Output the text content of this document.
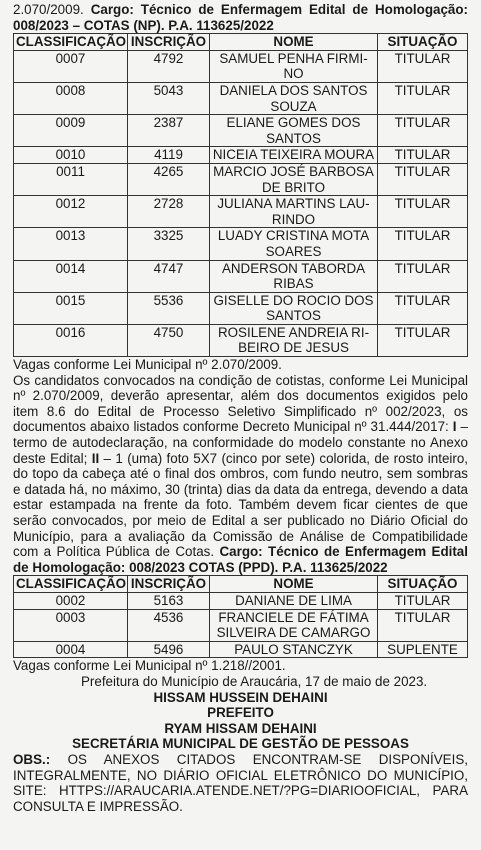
2.070/2009. Cargo: Técnico de Enfermagem Edital de Homologação: 008/2023 – COTAS (NP). P.A. 113625/2022

CLASSIFICAÇÃO	INSCRIÇÃO	NOME	SITUAÇÃO
0007	4792	SAMUEL PENHA FIRMI-NO	TITULAR
0008	5043	DANIELA DOS SANTOS SOUZA	TITULAR
0009	2387	ELIANE GOMES DOS SANTOS	TITULAR
0010	4119	NICEIA TEIXEIRA MOURA	TITULAR
0011	4265	MARCIO JOSÉ BARBOSA DE BRITO	TITULAR
0012	2728	JULIANA MARTINS LAU-RINDO	TITULAR
0013	3325	LUADY CRISTINA MOTA SOARES	TITULAR
0014	4747	ANDERSON TABORDA RIBAS	TITULAR
0015	5536	GISELLE DO ROCIO DOS SANTOS	TITULAR
0016	4750	ROSILENE ANDREIA RI-BEIRO DE JESUS	TITULAR

Vagas conforme Lei Municipal nº 2.070/2009.

Os candidatos convocados na condição de cotistas, conforme Lei Municipal nº 2.070/2009, deverão apresentar, além dos documentos exigidos pelo item 8.6 do Edital de Processo Seletivo Simplificado nº 002/2023, os documentos abaixo listados conforme Decreto Municipal nº 31.444/2017: I – termo de autodeclaração, na conformidade do modelo constante no Anexo deste Edital; II – 1 (uma) foto 5X7 (cinco por sete) colorida, de rosto inteiro, do topo da cabeça até o final dos ombros, com fundo neutro, sem sombras e datada há, no máximo, 30 (trinta) dias da data da entrega, devendo a data estar estampada na frente da foto. Também devem ficar cientes de que serão convocados, por meio de Edital a ser publicado no Diário Oficial do Município, para a avaliação da Comissão de Análise de Compatibilidade com a Política Pública de Cotas. Cargo: Técnico de Enfermagem Edital de Homologação: 008/2023 COTAS (PPD). P.A. 113625/2022

CLASSIFICAÇÃO	INSCRIÇÃO	NOME	SITUAÇÃO
0002	5163	DANIANE DE LIMA	TITULAR
0003	4536	FRANCIELE DE FÁTIMA SILVEIRA DE CAMARGO	TITULAR
0004	5496	PAULO STANCZYK	SUPLENTE

Vagas conforme Lei Municipal nº 1.218//2001.

Prefeitura do Município de Araucária, 17 de maio de 2023.

HISSAM HUSSEIN DEHAINI

PREFEITO

RYAM HISSAM DEHAINI

SECRETÁRIA MUNICIPAL DE GESTÃO DE PESSOAS

OBS.: OS ANEXOS CITADOS ENCONTRAM-SE DISPONÍVEIS, INTEGRALMENTE, NO DIÁRIO OFICIAL ELETRÔNICO DO MUNICÍPIO, SITE: HTTPS://ARAUCARIA.ATENDE.NET/?PG=DIARIOOFICIAL, PARA CONSULTA E IMPRESSÃO.
